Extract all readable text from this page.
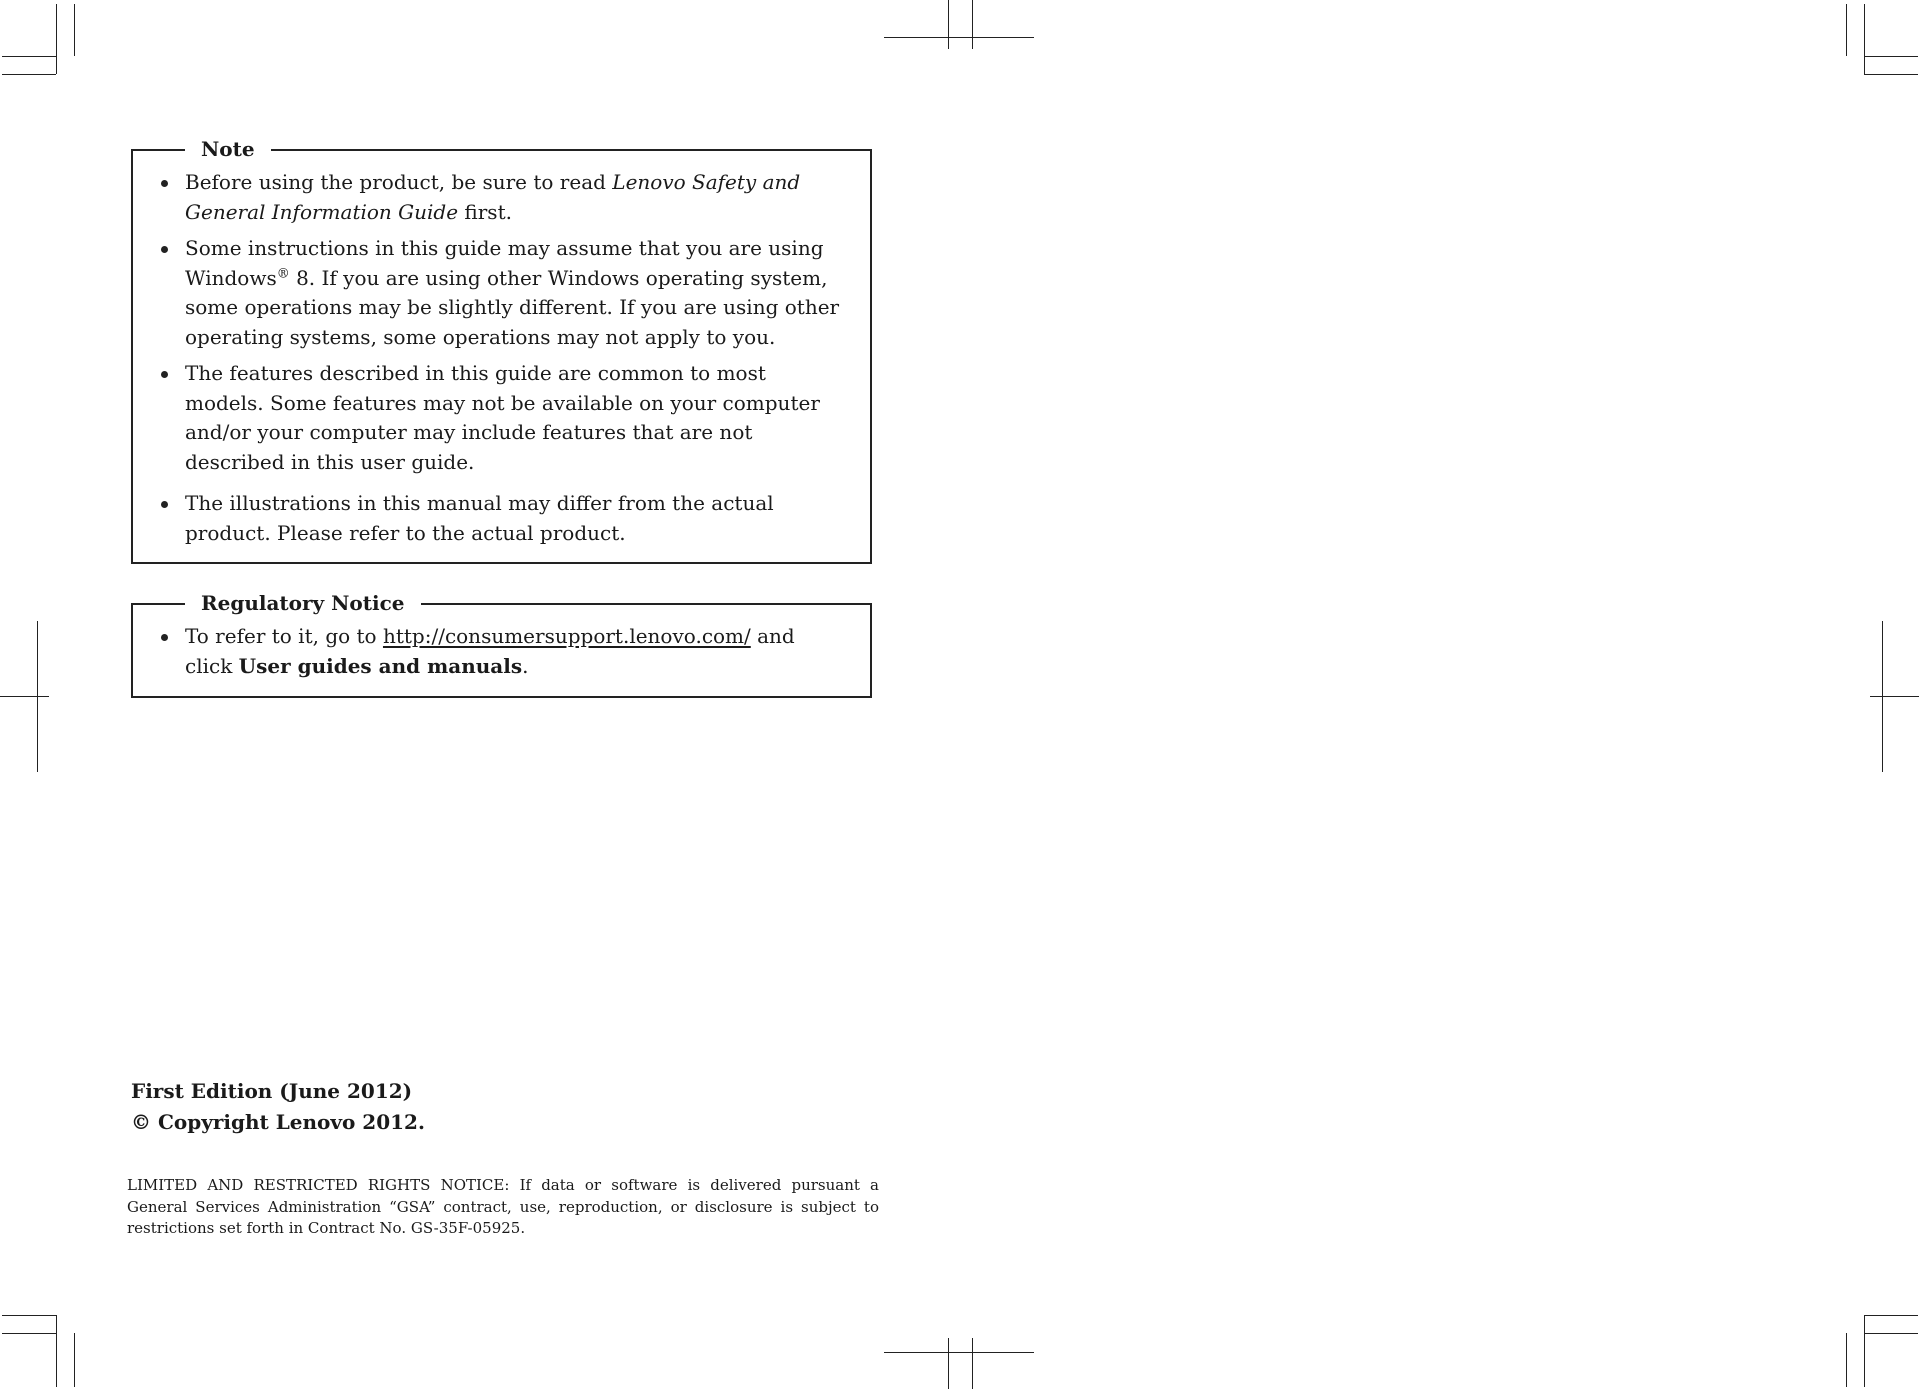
Note
Before using the product, be sure to read Lenovo Safety and General Information Guide first.
Some instructions in this guide may assume that you are using Windows® 8. If you are using other Windows operating system, some operations may be slightly different. If you are using other operating systems, some operations may not apply to you.
The features described in this guide are common to most models. Some features may not be available on your computer and/or your computer may include features that are not described in this user guide.
The illustrations in this manual may differ from the actual product. Please refer to the actual product.
Regulatory Notice
To refer to it, go to http://consumersupport.lenovo.com/ and click User guides and manuals.
First Edition (June 2012)
© Copyright Lenovo 2012.

LIMITED AND RESTRICTED RIGHTS NOTICE: If data or software is delivered pursuant a General Services Administration “GSA” contract, use, reproduction, or disclosure is subject to restrictions set forth in Contract No. GS-35F-05925.
